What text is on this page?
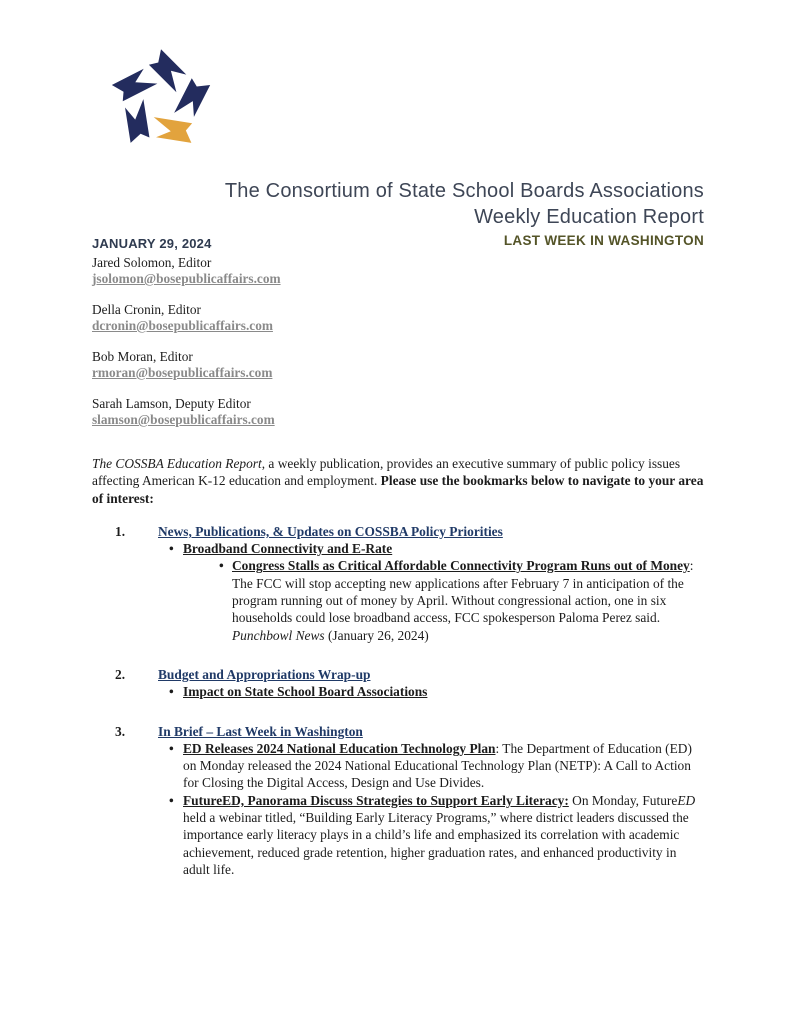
The Consortium of State School Boards Associations
Weekly Education Report
LAST WEEK IN WASHINGTON
JANUARY 29, 2024
Jared Solomon, Editor
jsolomon@bosepublicaffairs.com
Della Cronin, Editor
dcronin@bosepublicaffairs.com
Bob Moran, Editor
rmoran@bosepublicaffairs.com
Sarah Lamson, Deputy Editor
slamson@bosepublicaffairs.com

The COSSBA Education Report, a weekly publication, provides an executive summary of public policy issues affecting American K-12 education and employment. Please use the bookmarks below to navigate to your area of interest:

1.	News, Publications, & Updates on COSSBA Policy Priorities
• Broadband Connectivity and E-Rate
• Congress Stalls as Critical Affordable Connectivity Program Runs out of Money: The FCC will stop accepting new applications after February 7 in anticipation of the program running out of money by April. Without congressional action, one in six households could lose broadband access, FCC spokesperson Paloma Perez said.
Punchbowl News (January 26, 2024)
2.	Budget and Appropriations Wrap-up
• Impact on State School Board Associations
3.	In Brief – Last Week in Washington
• ED Releases 2024 National Education Technology Plan: The Department of Education (ED) on Monday released the 2024 National Educational Technology Plan (NETP): A Call to Action for Closing the Digital Access, Design and Use Divides.
• FutureED, Panorama Discuss Strategies to Support Early Literacy: On Monday, FutureED held a webinar titled, “Building Early Literacy Programs,” where district leaders discussed the importance early literacy plays in a child’s life and emphasized its correlation with academic achievement, reduced grade retention, higher graduation rates, and enhanced productivity in adult life.
